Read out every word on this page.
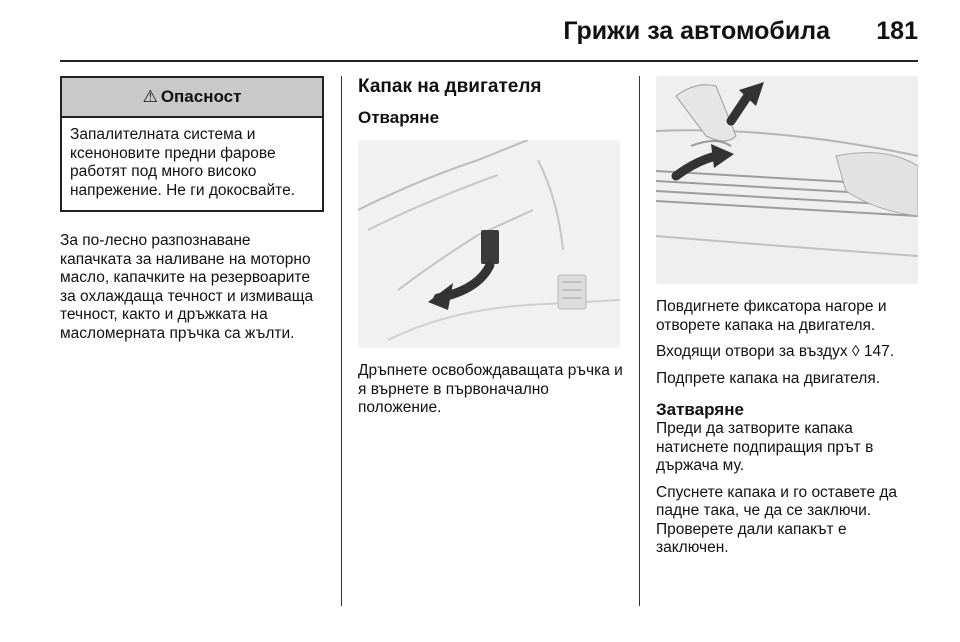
Грижи за автомобила 181
⚠ Опасност
Запалителната система и ксеноновите предни фарове работят под много високо напрежение. Не ги докосвайте.

За по-лесно разпознаване капачката за наливане на моторно масло, капачките на резервоарите за охлаждаща течност и измиваща течност, както и дръжката на масломерната пръчка са жълти.

Капак на двигателя
Отваряне

Дръпнете освобождаващата ръчка и я върнете в първоначално положение.

Повдигнете фиксатора нагоре и отворете капака на двигателя.

Входящи отвори за въздух ◊ 147.

Подпрете капака на двигателя.

Затваряне

Преди да затворите капака натиснете подпиращия прът в държача му.

Спуснете капака и го оставете да падне така, че да се заключи. Проверете дали капакът е заключен.
